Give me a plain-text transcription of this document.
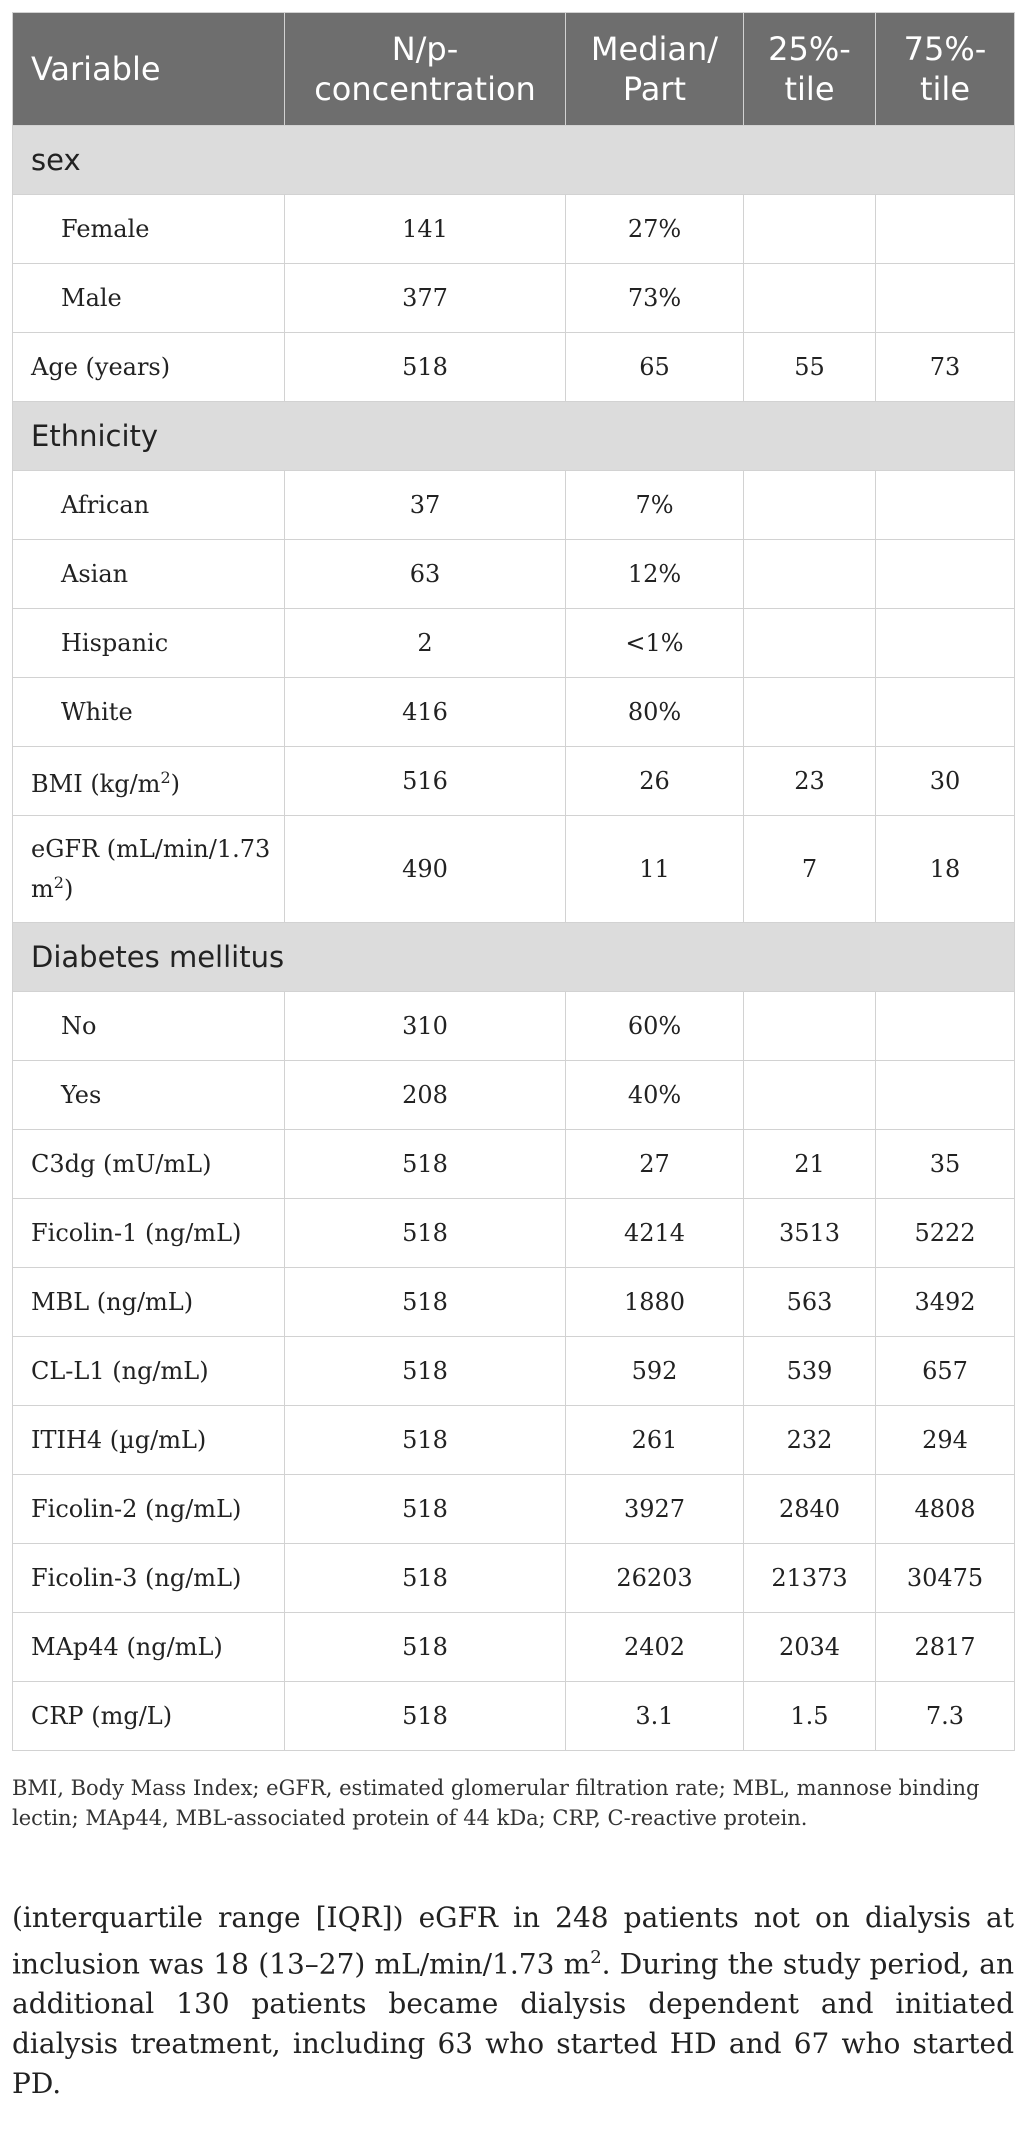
Variable	N/p-concentration	Median/ Part	25%-tile	75%-tile
sex				
Female	141	27%		
Male	377	73%		
Age (years)	518	65	55	73
Ethnicity				
African	37	7%		
Asian	63	12%		
Hispanic	2	<1%		
White	416	80%		
BMI $(kg/m^2)$	516	26	23	30
eGFR (mL/min/1.73 $m^2$)	490	11	7	18
Diabetes mellitus				
No	310	60%		
Yes	208	40%		
C3dg (mU/mL)	518	27	21	35
Ficolin-1 (ng/mL)	518	4214	3513	5222
MBL (ng/mL)	518	1880	563	3492
CL-L1 (ng/mL)	518	592	539	657
ITIH4 (µg/mL)	518	261	232	294
Ficolin-2 (ng/mL)	518	3927	2840	4808
Ficolin-3 (ng/mL)	518	26203	21373	30475
MAp44 (ng/mL)	518	2402	2034	2817
CRP (mg/L)	518	3.1	1.5	7.3
BMI, Body Mass Index; eGFR, estimated glomerular filtration rate; MBL, mannose binding lectin; MAp44, MBL-associated protein of 44 kDa; CRP, C-reactive protein.

(interquartile range [IQR]) eGFR in 248 patients not on dialysis at inclusion was 18 (13–27) mL/min/1.73 $m^2$. During the study period, an additional 130 patients became dialysis dependent and initiated dialysis treatment, including 63 who started HD and 67 who started PD.
